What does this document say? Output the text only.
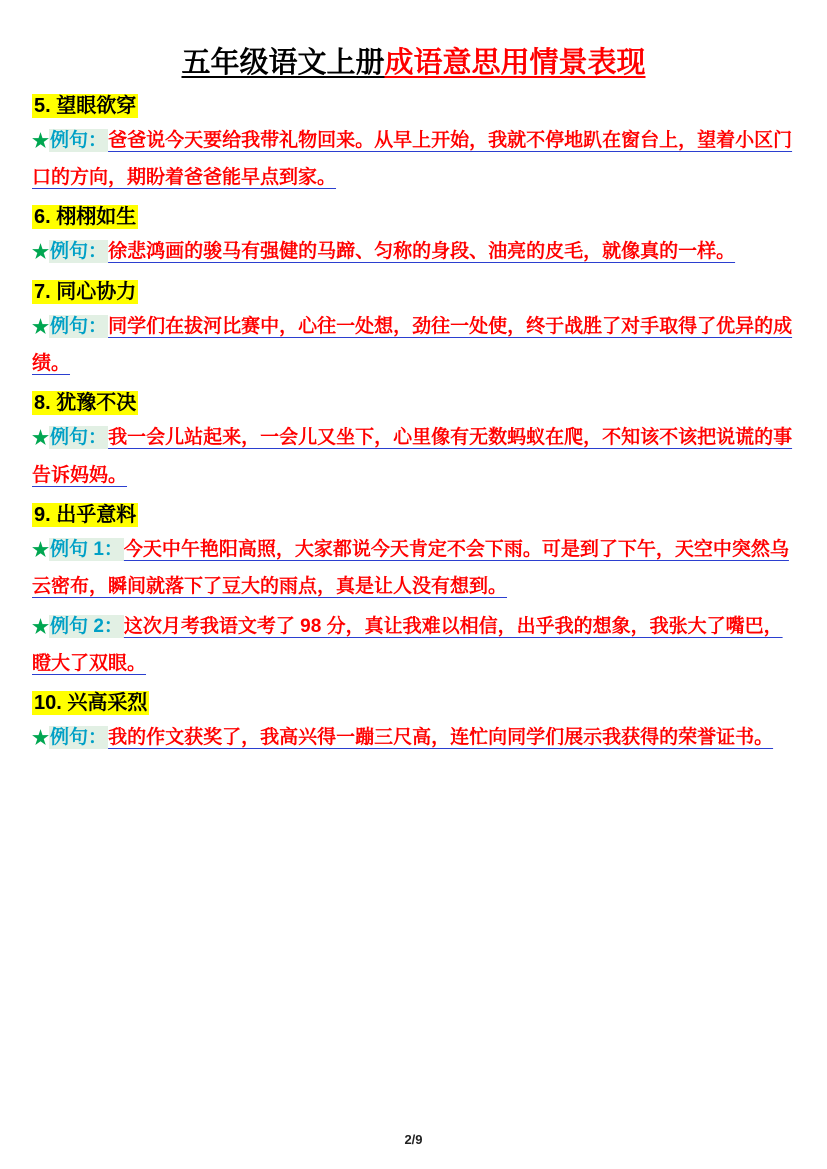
五年级语文上册成语意思用情景表现
5. 望眼欲穿

★例句：爸爸说今天要给我带礼物回来。从早上开始，我就不停地趴在窗台上，望着小区门口的方向，期盼着爸爸能早点到家。

6. 栩栩如生

★例句：徐悲鸿画的骏马有强健的马蹄、匀称的身段、油亮的皮毛，就像真的一样。

7. 同心协力

★例句：同学们在拔河比赛中，心往一处想，劲往一处使，终于战胜了对手取得了优异的成绩。

8. 犹豫不决

★例句：我一会儿站起来，一会儿又坐下，心里像有无数蚂蚁在爬，不知该不该把说谎的事告诉妈妈。

9. 出乎意料

★例句 1：今天中午艳阳高照，大家都说今天肯定不会下雨。可是到了下午，天空中突然乌云密布，瞬间就落下了豆大的雨点，真是让人没有想到。

★例句 2：这次月考我语文考了 98 分，真让我难以相信，出乎我的想象，我张大了嘴巴，瞪大了双眼。

10. 兴高采烈

★例句：我的作文获奖了，我高兴得一蹦三尺高，连忙向同学们展示我获得的荣誉证书。

2/9
